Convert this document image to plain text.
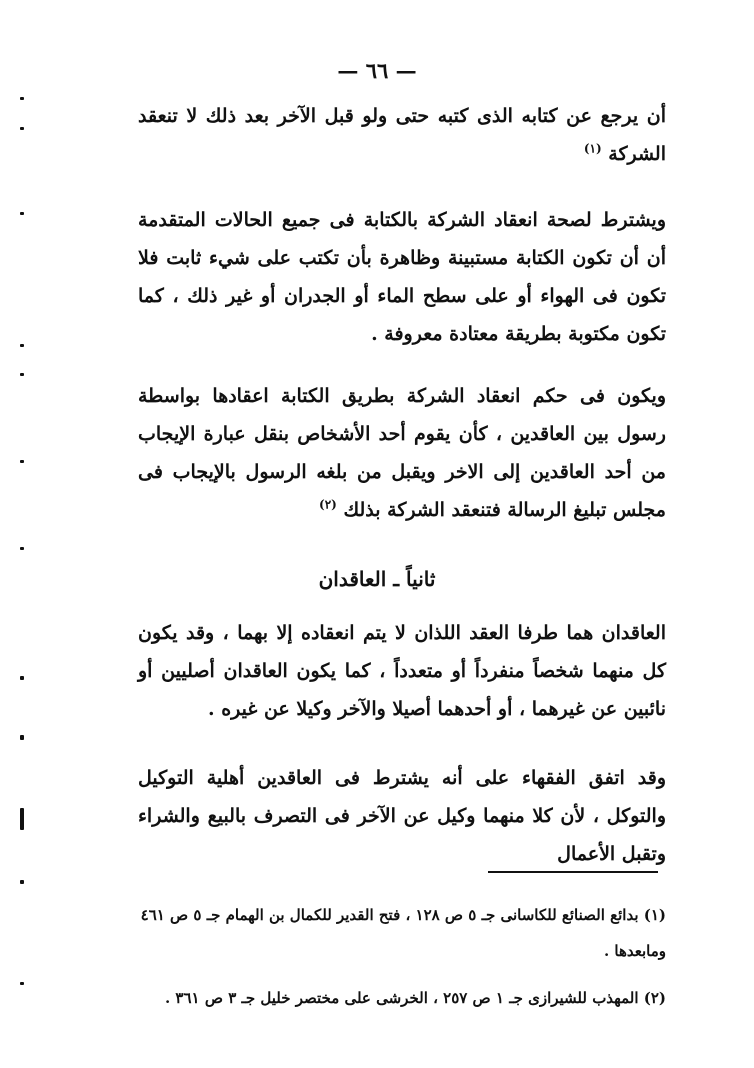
— ٦٦ —

أن يرجع عن كتابه الذى كتبه حتى ولو قبل الآخر بعد ذلك لا تنعقد الشركة $^{(١)}$

ويشترط لصحة انعقاد الشركة بالكتابة فى جميع الحالات المتقدمة أن أن تكون الكتابة مستبينة وظاهرة بأن تكتب على شيء ثابت فلا تكون فى الهواء أو على سطح الماء أو الجدران أو غير ذلك ، كما تكون مكتوبة بطريقة معتادة معروفة .

ويكون فى حكم انعقاد الشركة بطريق الكتابة اعقادها بواسطة رسول بين العاقدين ، كأن يقوم أحد الأشخاص بنقل عبارة الإيجاب من أحد العاقدين إلى الاخر ويقبل من بلغه الرسول بالإيجاب فى مجلس تبليغ الرسالة فتنعقد الشركة بذلك $^{(٢)}$

ثانياً ـ العاقدان

العاقدان هما طرفا العقد اللذان لا يتم انعقاده إلا بهما ، وقد يكون كل منهما شخصاً منفرداً أو متعدداً ، كما يكون العاقدان أصليين أو نائبين عن غيرهما ، أو أحدهما أصيلا والآخر وكيلا عن غيره .

وقد اتفق الفقهاء على أنه يشترط فى العاقدين أهلية التوكيل والتوكل ، لأن كلا منهما وكيل عن الآخر فى التصرف بالبيع والشراء وتقبل الأعمال

(١) بدائع الصنائع للكاسانى جـ ٥ ص ١٢٨ ، فتح القدير للكمال بن الهمام جـ ٥ ص ٤٦١ ومابعدها .

(٢) المهذب للشيرازى جـ ١ ص ٢٥٧ ، الخرشى على مختصر خليل جـ ٣ ص ٣٦١ .
